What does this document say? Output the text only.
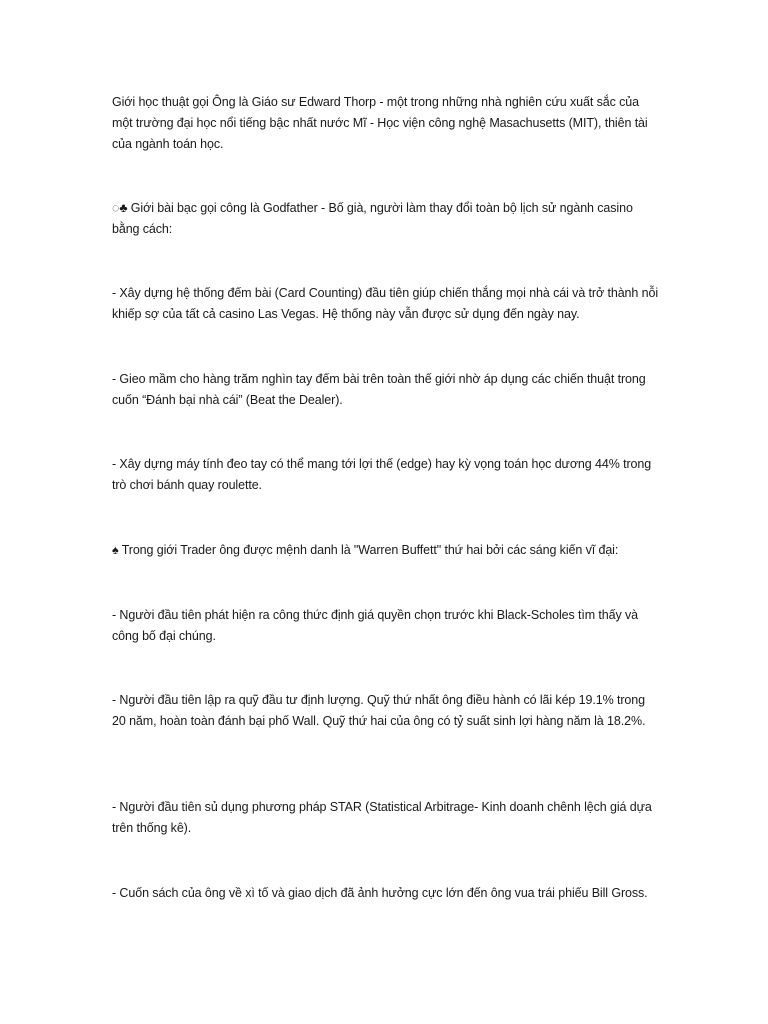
Giới học thuật gọi Ông là Giáo sư Edward Thorp - một trong những nhà nghiên cứu xuất sắc của một trường đại học nổi tiếng bậc nhất nước Mĩ - Học viện công nghệ Masachusetts (MIT), thiên tài của ngành toán học.

◌♣ Giới bài bạc gọi công là Godfather - Bố già, người làm thay đổi toàn bộ lịch sử ngành casino bằng cách:

- Xây dựng hệ thống đếm bài (Card Counting) đầu tiên giúp chiến thắng mọi nhà cái và trở thành nỗi khiếp sợ của tất cả casino Las Vegas. Hệ thống này vẫn được sử dụng đến ngày nay.

- Gieo mầm cho hàng trăm nghìn tay đếm bài trên toàn thế giới nhờ áp dụng các chiến thuật trong cuốn “Đánh bại nhà cái” (Beat the Dealer).

- Xây dựng máy tính đeo tay có thể mang tới lợi thế (edge) hay kỳ vọng toán học dương 44% trong trò chơi bánh quay roulette.

♠ Trong giới Trader ông được mệnh danh là "Warren Buffett" thứ hai bởi các sáng kiến vĩ đại:

- Người đầu tiên phát hiện ra công thức định giá quyền chọn trước khi Black-Scholes tìm thấy và công bố đại chúng.

- Người đầu tiên lập ra quỹ đầu tư định lượng. Quỹ thứ nhất ông điều hành có lãi kép 19.1% trong 20 năm, hoàn toàn đánh bại phố Wall. Quỹ thứ hai của ông có tỷ suất sinh lợi hàng năm là 18.2%.

- Người đầu tiên sủ dụng phương pháp STAR (Statistical Arbitrage- Kinh doanh chênh lệch giá dựa trên thống kê).

- Cuốn sách của ông về xì tố và giao dịch đã ảnh hưởng cực lớn đến ông vua trái phiếu Bill Gross.
